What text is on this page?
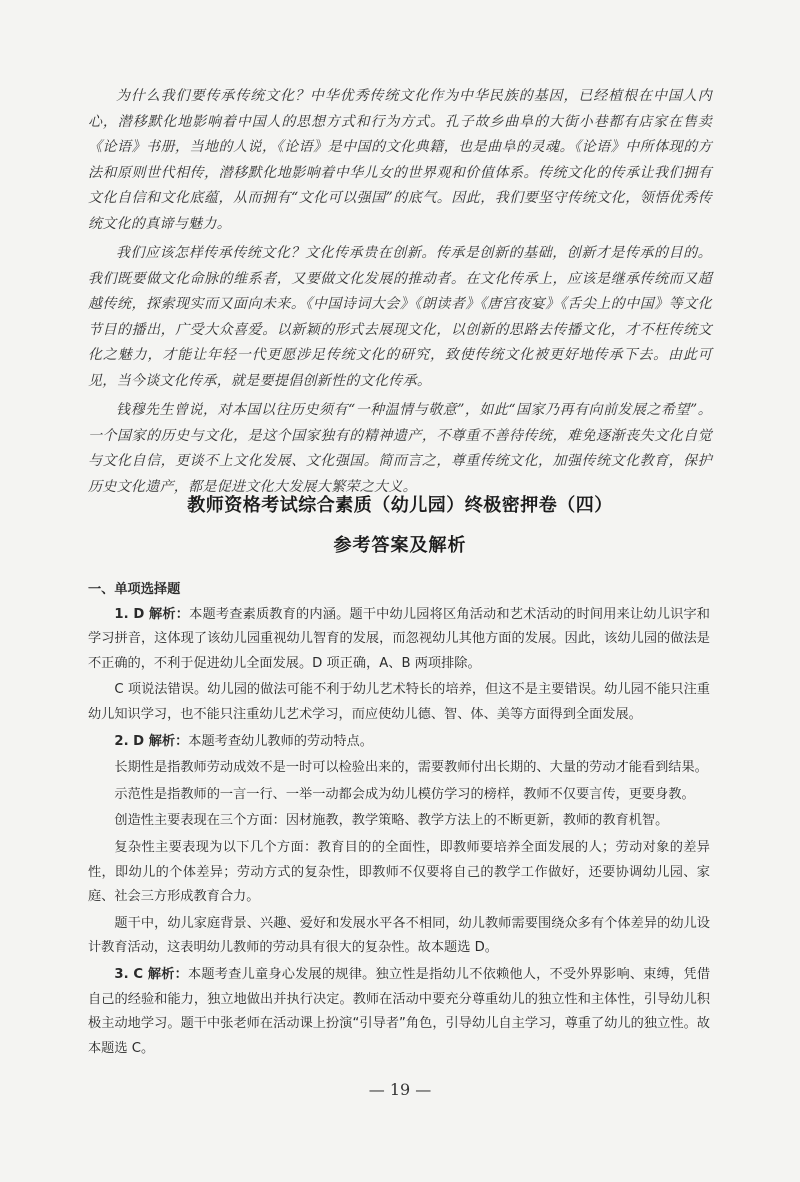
为什么我们要传承传统文化？中华优秀传统文化作为中华民族的基因，已经植根在中国人内心，潜移默化地影响着中国人的思想方式和行为方式。孔子故乡曲阜的大街小巷都有店家在售卖《论语》书册，当地的人说，《论语》是中国的文化典籍，也是曲阜的灵魂。《论语》中所体现的方法和原则世代相传，潜移默化地影响着中华儿女的世界观和价值体系。传统文化的传承让我们拥有文化自信和文化底蕴，从而拥有“文化可以强国”的底气。因此，我们要坚守传统文化，领悟优秀传统文化的真谛与魅力。

我们应该怎样传承传统文化？文化传承贵在创新。传承是创新的基础，创新才是传承的目的。我们既要做文化命脉的维系者，又要做文化发展的推动者。在文化传承上，应该是继承传统而又超越传统，探索现实而又面向未来。《中国诗词大会》《朗读者》《唐宫夜宴》《舌尖上的中国》等文化节目的播出，广受大众喜爱。以新颖的形式去展现文化，以创新的思路去传播文化，才不枉传统文化之魅力，才能让年轻一代更愿涉足传统文化的研究，致使传统文化被更好地传承下去。由此可见，当今谈文化传承，就是要提倡创新性的文化传承。

钱穆先生曾说，对本国以往历史须有“一种温情与敬意”，如此“国家乃再有向前发展之希望”。一个国家的历史与文化，是这个国家独有的精神遗产，不尊重不善待传统，难免逐渐丧失文化自觉与文化自信，更谈不上文化发展、文化强国。简而言之，尊重传统文化，加强传统文化教育，保护历史文化遗产，都是促进文化大发展大繁荣之大义。

教师资格考试综合素质（幼儿园）终极密押卷（四）
参考答案及解析
一、单项选择题

1. D 解析：本题考查素质教育的内涵。题干中幼儿园将区角活动和艺术活动的时间用来让幼儿识字和学习拼音，这体现了该幼儿园重视幼儿智育的发展，而忽视幼儿其他方面的发展。因此，该幼儿园的做法是不正确的，不利于促进幼儿全面发展。D 项正确，A、B 两项排除。

C 项说法错误。幼儿园的做法可能不利于幼儿艺术特长的培养，但这不是主要错误。幼儿园不能只注重幼儿知识学习，也不能只注重幼儿艺术学习，而应使幼儿德、智、体、美等方面得到全面发展。

2. D 解析：本题考查幼儿教师的劳动特点。

长期性是指教师劳动成效不是一时可以检验出来的，需要教师付出长期的、大量的劳动才能看到结果。

示范性是指教师的一言一行、一举一动都会成为幼儿模仿学习的榜样，教师不仅要言传，更要身教。

创造性主要表现在三个方面：因材施教，教学策略、教学方法上的不断更新，教师的教育机智。

复杂性主要表现为以下几个方面：教育目的的全面性，即教师要培养全面发展的人；劳动对象的差异性，即幼儿的个体差异；劳动方式的复杂性，即教师不仅要将自己的教学工作做好，还要协调幼儿园、家庭、社会三方形成教育合力。

题干中，幼儿家庭背景、兴趣、爱好和发展水平各不相同，幼儿教师需要围绕众多有个体差异的幼儿设计教育活动，这表明幼儿教师的劳动具有很大的复杂性。故本题选 D。

3. C 解析：本题考查儿童身心发展的规律。独立性是指幼儿不依赖他人，不受外界影响、束缚，凭借自己的经验和能力，独立地做出并执行决定。教师在活动中要充分尊重幼儿的独立性和主体性，引导幼儿积极主动地学习。题干中张老师在活动课上扮演“引导者”角色，引导幼儿自主学习，尊重了幼儿的独立性。故本题选 C。

— 19 —
